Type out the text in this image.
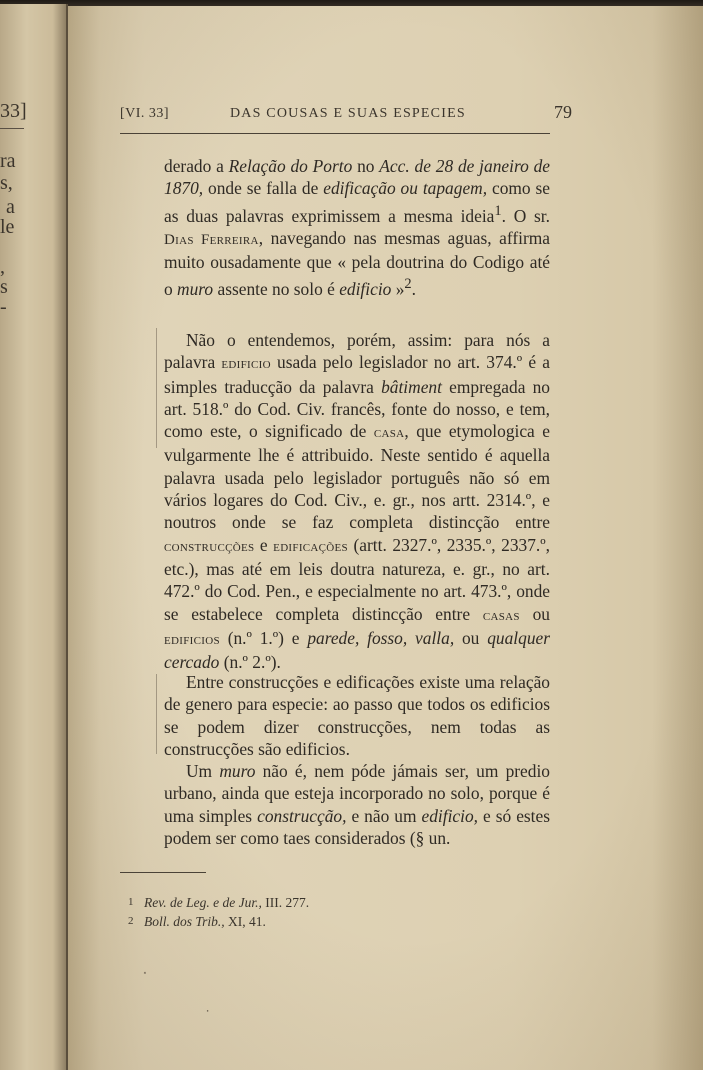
33]
ra
s,
a
le
,
s
-
[VI. 33]	DAS COUSAS E SUAS ESPECIES	79

derado a Relação do Porto no Acc. de 28 de janeiro de 1870, onde se falla de edificação ou tapagem, como se as duas palavras exprimissem a mesma ideia$^1$. O sr. Dias Ferreira, navegando nas mesmas aguas, affirma muito ousadamente que « pela doutrina do Codigo até o muro assente no solo é edificio »$^2$.

Não o entendemos, porém, assim: para nós a palavra edificio usada pelo legislador no art. 374.º é a simples traducção da palavra bâtiment empregada no art. 518.º do Cod. Civ. francês, fonte do nosso, e tem, como este, o significado de casa, que etymologica e vulgarmente lhe é attribuido. Neste sentido é aquella palavra usada pelo legislador português não só em vários logares do Cod. Civ., e. gr., nos artt. 2314.º, e noutros onde se faz completa distincção entre construcções e edificações (artt. 2327.º, 2335.º, 2337.º, etc.), mas até em leis doutra natureza, e. gr., no art. 472.º do Cod. Pen., e especialmente no art. 473.º, onde se estabelece completa distincção entre casas ou edificios (n.º 1.º) e parede, fosso, valla, ou qualquer cercado (n.º 2.º).

Entre construcções e edificações existe uma relação de genero para especie: ao passo que todos os edificios se podem dizer construcções, nem todas as construcções são edificios.

Um muro não é, nem póde jámais ser, um predio urbano, ainda que esteja incorporado no solo, porque é uma simples construcção, e não um edificio, e só estes podem ser como taes considerados (§ un.

1 Rev. de Leg. e de Jur., III. 277.
2 Boll. dos Trib., XI, 41.
⸼
⸱
